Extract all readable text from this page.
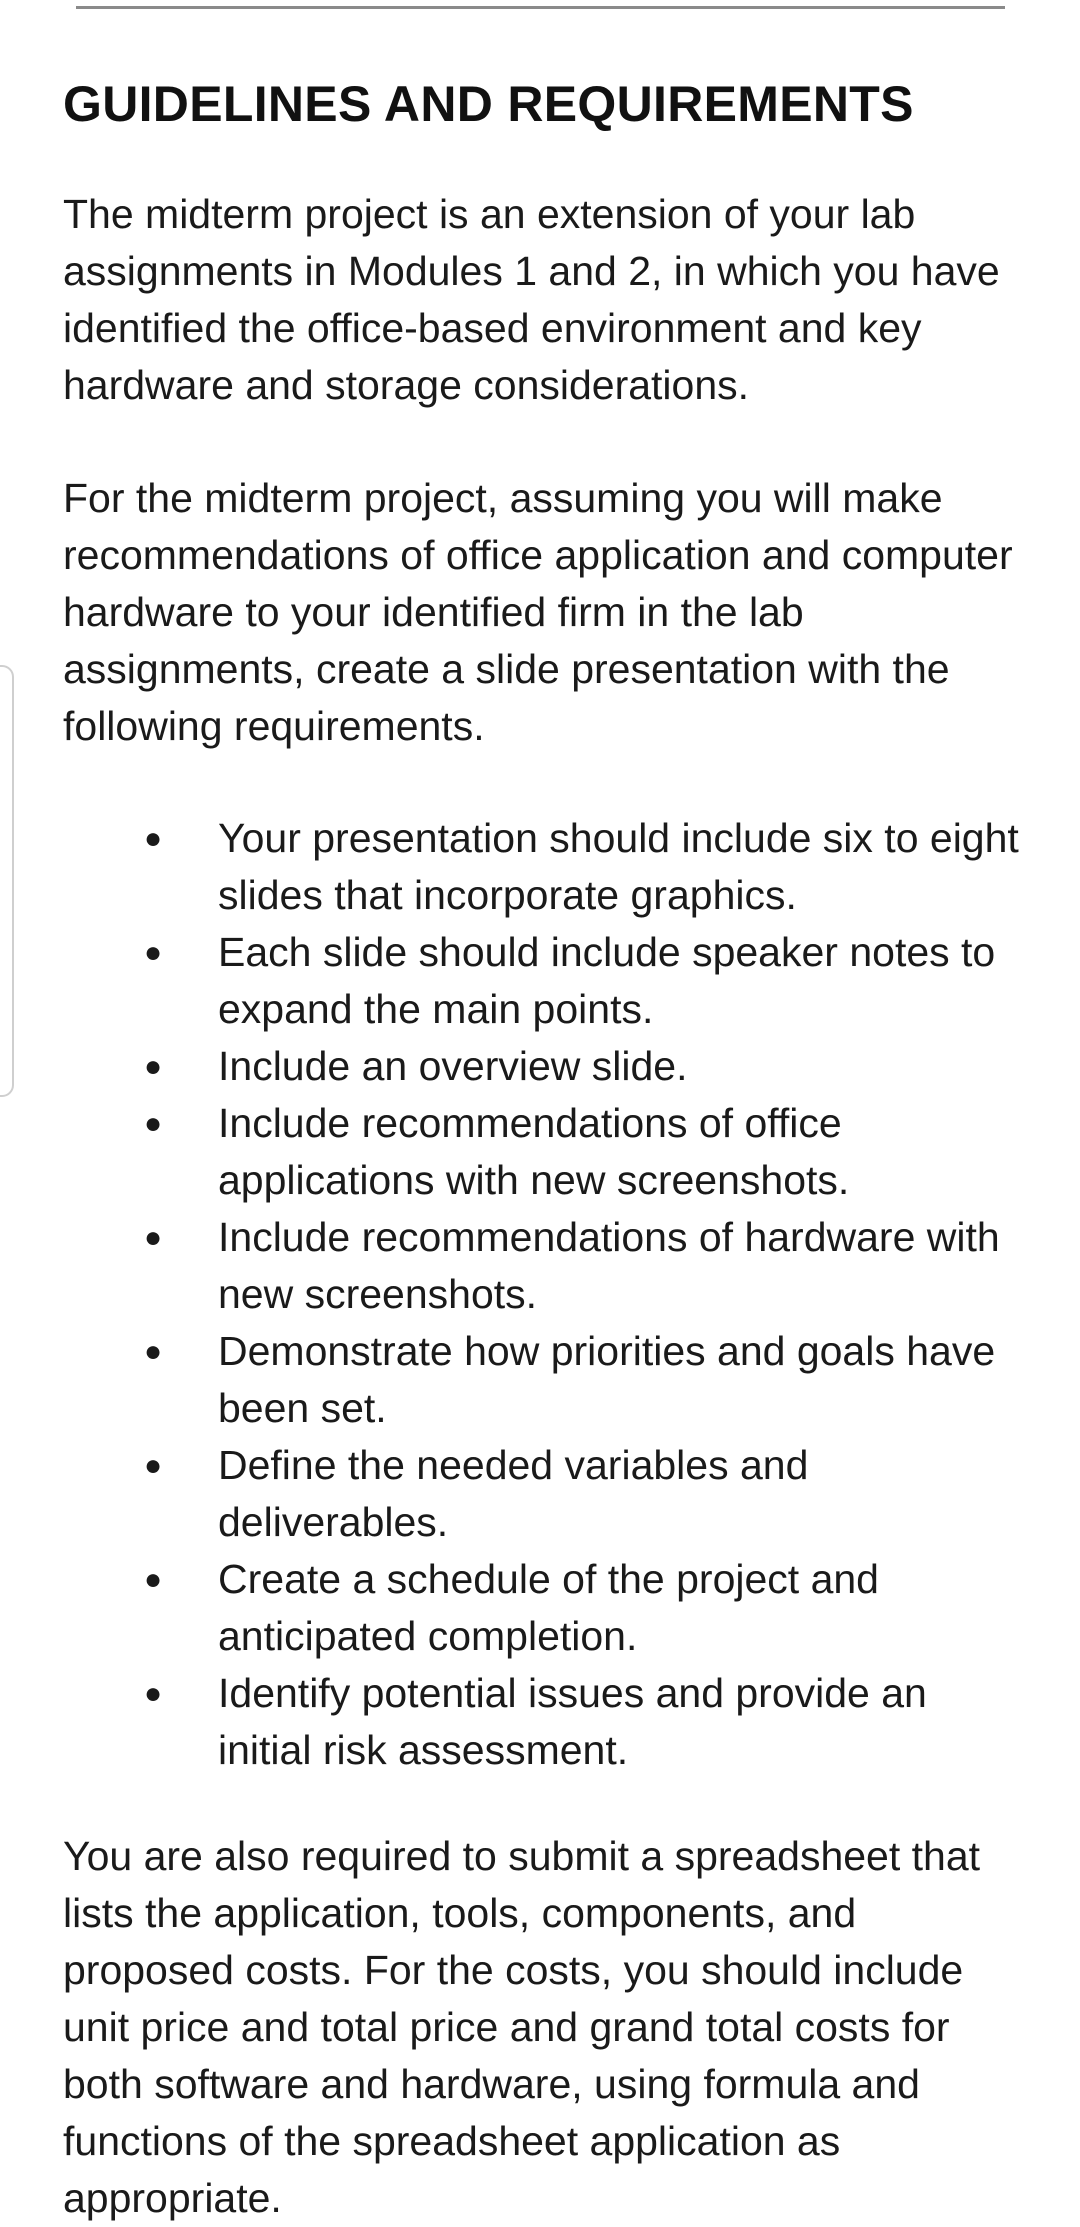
GUIDELINES AND REQUIREMENTS

The midterm project is an extension of your lab assignments in Modules 1 and 2, in which you have identified the office-based environment and key hardware and storage considerations.

For the midterm project, assuming you will make recommendations of office application and computer hardware to your identified firm in the lab assignments, create a slide presentation with the following requirements.

● Your presentation should include six to eight slides that incorporate graphics.
● Each slide should include speaker notes to expand the main points.
● Include an overview slide.
● Include recommendations of office applications with new screenshots.
● Include recommendations of hardware with new screenshots.
● Demonstrate how priorities and goals have been set.
● Define the needed variables and deliverables.
● Create a schedule of the project and anticipated completion.
● Identify potential issues and provide an initial risk assessment.

You are also required to submit a spreadsheet that lists the application, tools, components, and proposed costs. For the costs, you should include unit price and total price and grand total costs for both software and hardware, using formula and functions of the spreadsheet application as appropriate.
